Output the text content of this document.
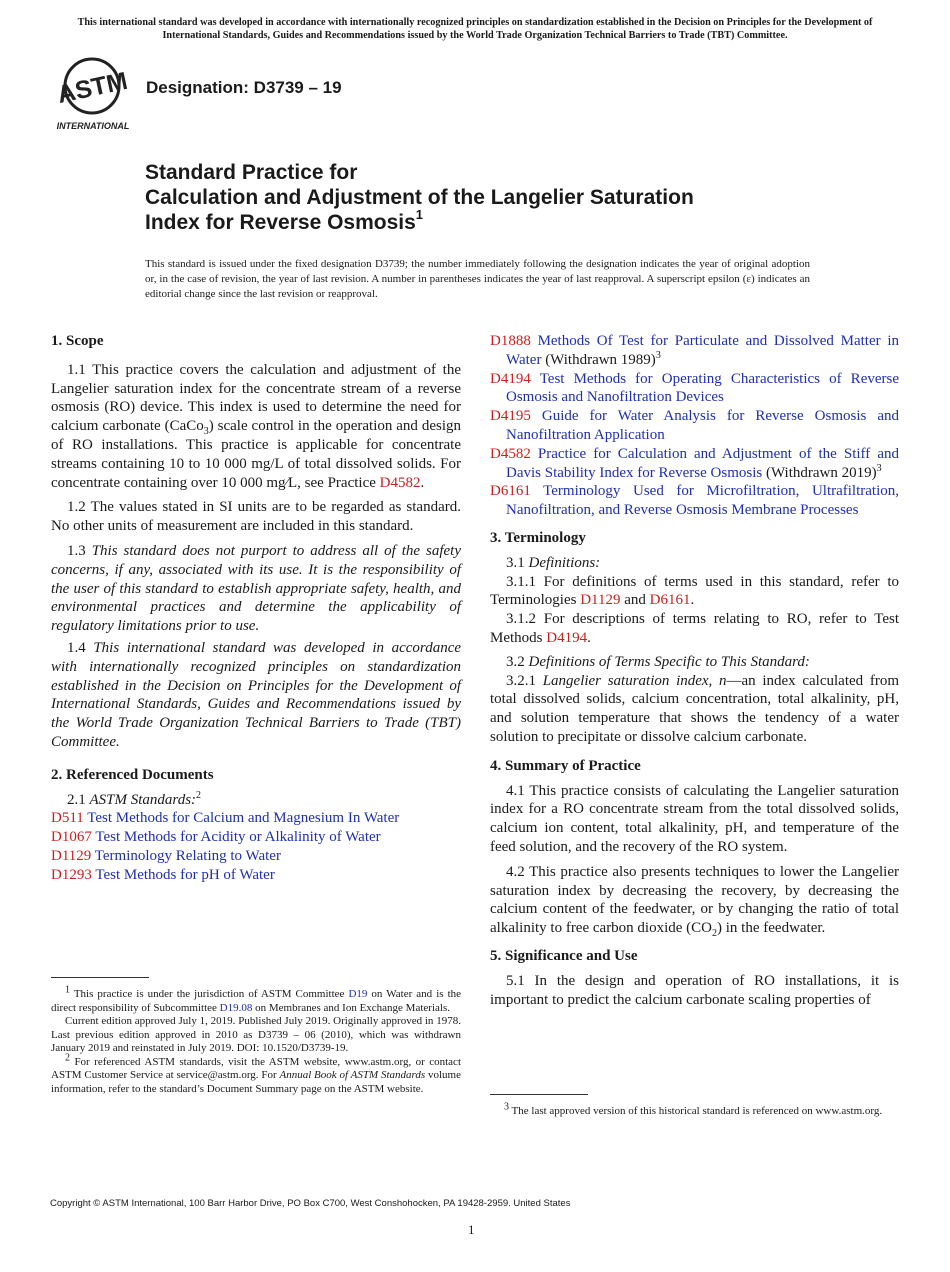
This international standard was developed in accordance with internationally recognized principles on standardization established in the Decision on Principles for the Development of International Standards, Guides and Recommendations issued by the World Trade Organization Technical Barriers to Trade (TBT) Committee.
ASTM
INTERNATIONAL
Designation: D3739 – 19
Standard Practice for
Calculation and Adjustment of the Langelier Saturation
Index for Reverse Osmosis$^1$
This standard is issued under the fixed designation D3739; the number immediately following the designation indicates the year of original adoption or, in the case of revision, the year of last revision. A number in parentheses indicates the year of last reapproval. A superscript epsilon (ε) indicates an editorial change since the last revision or reapproval.

1. Scope

1.1 This practice covers the calculation and adjustment of the Langelier saturation index for the concentrate stream of a reverse osmosis (RO) device. This index is used to determine the need for calcium carbonate (CaCo$_3$) scale control in the operation and design of RO installations. This practice is applicable for concentrate streams containing 10 to 10 000 mg/L of total dissolved solids. For concentrate containing over 10 000 mg⁄L, see Practice D4582.

1.2 The values stated in SI units are to be regarded as standard. No other units of measurement are included in this standard.

1.3 This standard does not purport to address all of the safety concerns, if any, associated with its use. It is the responsibility of the user of this standard to establish appropriate safety, health, and environmental practices and determine the applicability of regulatory limitations prior to use.

1.4 This international standard was developed in accordance with internationally recognized principles on standardization established in the Decision on Principles for the Development of International Standards, Guides and Recommendations issued by the World Trade Organization Technical Barriers to Trade (TBT) Committee.

2. Referenced Documents

2.1 ASTM Standards:$^2$

D511 Test Methods for Calcium and Magnesium In Water

D1067 Test Methods for Acidity or Alkalinity of Water

D1129 Terminology Relating to Water

D1293 Test Methods for pH of Water

$^1$ This practice is under the jurisdiction of ASTM Committee D19 on Water and is the direct responsibility of Subcommittee D19.08 on Membranes and Ion Exchange Materials.

Current edition approved July 1, 2019. Published July 2019. Originally approved in 1978. Last previous edition approved in 2010 as D3739 – 06 (2010), which was withdrawn January 2019 and reinstated in July 2019. DOI: 10.1520/D3739-19.

$^2$ For referenced ASTM standards, visit the ASTM website, www.astm.org, or contact ASTM Customer Service at service@astm.org. For Annual Book of ASTM Standards volume information, refer to the standard’s Document Summary page on the ASTM website.

D1888 Methods Of Test for Particulate and Dissolved Matter in Water (Withdrawn 1989)$^3$

D4194 Test Methods for Operating Characteristics of Reverse Osmosis and Nanofiltration Devices

D4195 Guide for Water Analysis for Reverse Osmosis and Nanofiltration Application

D4582 Practice for Calculation and Adjustment of the Stiff and Davis Stability Index for Reverse Osmosis (Withdrawn 2019)$^3$

D6161 Terminology Used for Microfiltration, Ultrafiltration, Nanofiltration, and Reverse Osmosis Membrane Processes

3. Terminology

3.1 Definitions:

3.1.1 For definitions of terms used in this standard, refer to Terminologies D1129 and D6161.

3.1.2 For descriptions of terms relating to RO, refer to Test Methods D4194.

3.2 Definitions of Terms Specific to This Standard:

3.2.1 Langelier saturation index, n—an index calculated from total dissolved solids, calcium concentration, total alkalinity, pH, and solution temperature that shows the tendency of a water solution to precipitate or dissolve calcium carbonate.

4. Summary of Practice

4.1 This practice consists of calculating the Langelier saturation index for a RO concentrate stream from the total dissolved solids, calcium ion content, total alkalinity, pH, and temperature of the feed solution, and the recovery of the RO system.

4.2 This practice also presents techniques to lower the Langelier saturation index by decreasing the recovery, by decreasing the calcium content of the feedwater, or by changing the ratio of total alkalinity to free carbon dioxide $(CO_2)$ in the feedwater.

5. Significance and Use

5.1 In the design and operation of RO installations, it is important to predict the calcium carbonate scaling properties of

$^3$ The last approved version of this historical standard is referenced on www.astm.org.

Copyright © ASTM International, 100 Barr Harbor Drive, PO Box C700, West Conshohocken, PA 19428-2959. United States
1
